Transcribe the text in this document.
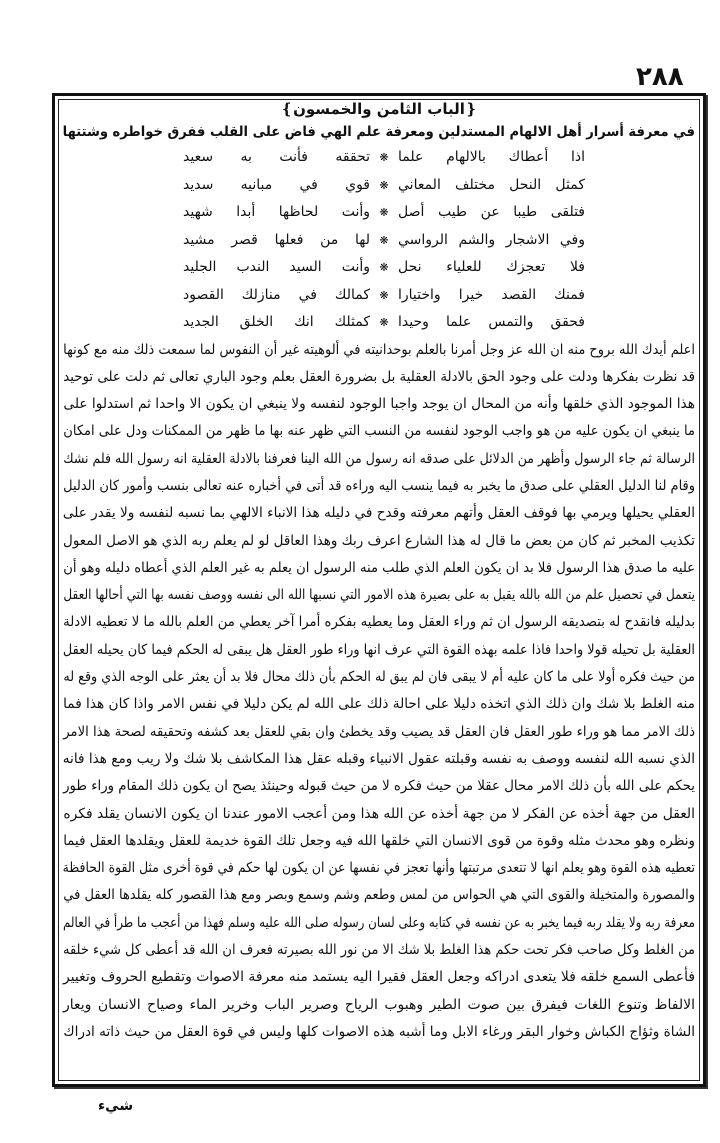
٢٨٨
❴الباب الثامن والخمسون❵
في معرفة أسرار أهل الالهام المستدلين ومعرفة علم الهي فاض على القلب ففرق خواطره وشتتها
اذا أعطاك بالالهام علما
❋
تحققه فأنت به سعيد
كمثل النحل مختلف المعاني
❋
قوي في مبانيه سديد
فتلقى طيبا عن طيب أصل
❋
وأنت لحاظها أبدا شهيد
وفي الاشجار والشم الرواسي
❋
لها من فعلها قصر مشيد
فلا تعجزك للعلياء نحل
❋
وأنت السيد الندب الجليد
فمنك القصد خيرا واختيارا
❋
كمالك في منازلك القصود
فحقق والتمس علما وحيدا
❋
كمثلك انك الخلق الجديد
اعلم أيدك الله بروح منه ان الله عز وجل أمرنا بالعلم بوحدانيته في ألوهيته غير أن النفوس لما سمعت ذلك منه مع كونها
قد نظرت بفكرها ودلت على وجود الحق بالادلة العقلية بل بضرورة العقل بعلم وجود الباري تعالى ثم دلت على توحيد
هذا الموجود الذي خلقها وأنه من المحال ان يوجد واجبا الوجود لنفسه ولا ينبغي ان يكون الا واحدا ثم استدلوا على
ما ينبغي ان يكون عليه من هو واجب الوجود لنفسه من النسب التي ظهر عنه بها ما ظهر من الممكنات ودل على امكان
الرسالة ثم جاء الرسول وأظهر من الدلائل على صدقه انه رسول من الله الينا فعرفنا بالادلة العقلية انه رسول الله فلم نشك
وقام لنا الدليل العقلي على صدق ما يخبر به فيما ينسب اليه وراءه قد أتى في أخباره عنه تعالى بنسب وأمور كان الدليل
العقلي يحيلها ويرمي بها فوقف العقل وأتهم معرفته وقدح في دليله هذا الانباء الالهي بما نسبه لنفسه ولا يقدر على
تكذيب المخبر ثم كان من بعض ما قال له هذا الشارع اعرف ربك وهذا العاقل لو لم يعلم ربه الذي هو الاصل المعول
عليه ما صدق هذا الرسول فلا بد ان يكون العلم الذي طلب منه الرسول ان يعلم به غير العلم الذي أعطاه دليله وهو أن
يتعمل في تحصيل علم من الله بالله يقبل به على بصيرة هذه الامور التي نسبها الله الى نفسه ووصف نفسه بها التي أحالها العقل
بدليله فانقدح له بتصديقه الرسول ان ثم وراء العقل وما يعطيه بفكره أمرا آخر يعطي من العلم بالله ما لا تعطيه الادلة
العقلية بل تحيله قولا واحدا فاذا علمه بهذه القوة التي عرف انها وراء طور العقل هل يبقى له الحكم فيما كان يحيله العقل
من حيث فكره أولا على ما كان عليه أم لا يبقى فان لم يبق له الحكم بأن ذلك محال فلا بد أن يعثر على الوجه الذي وقع له
منه الغلط بلا شك وان ذلك الذي اتخذه دليلا على احالة ذلك على الله لم يكن دليلا في نفس الامر واذا كان هذا فما
ذلك الامر مما هو وراء طور العقل فان العقل قد يصيب وقد يخطئ وان بقي للعقل بعد كشفه وتحقيقه لصحة هذا الامر
الذي نسبه الله لنفسه ووصف به نفسه وقبلته عقول الانبياء وقبله عقل هذا المكاشف بلا شك ولا ريب ومع هذا فانه
يحكم على الله بأن ذلك الامر محال عقلا من حيث فكره لا من حيث قبوله وحينئذ يصح ان يكون ذلك المقام وراء طور
العقل من جهة أخذه عن الفكر لا من جهة أخذه عن الله هذا ومن أعجب الامور عندنا ان يكون الانسان يقلد فكره
ونظره وهو محدث مثله وقوة من قوى الانسان التي خلقها الله فيه وجعل تلك القوة خديمة للعقل ويقلدها العقل فيما
تعطيه هذه القوة وهو يعلم انها لا تتعدى مرتبتها وأنها تعجز في نفسها عن ان يكون لها حكم في قوة أخرى مثل القوة الحافظة
والمصورة والمتخيلة والقوى التي هي الحواس من لمس وطعم وشم وسمع وبصر ومع هذا القصور كله يقلدها العقل في
معرفة ربه ولا يقلد ربه فيما يخبر به عن نفسه في كتابه وعلى لسان رسوله صلى الله عليه وسلم فهذا من أعجب ما طرأ في العالم
من الغلط وكل صاحب فكر تحت حكم هذا الغلط بلا شك الا من نور الله بصيرته فعرف ان الله قد أعطى كل شيء خلقه
فأعطى السمع خلقه فلا يتعدى ادراكه وجعل العقل فقيرا اليه يستمد منه معرفة الاصوات وتقطيع الحروف وتغيير
الالفاظ وتنوع اللغات فيفرق بين صوت الطير وهبوب الرياح وصرير الباب وخرير الماء وصياح الانسان ويعار
الشاة وثؤاج الكباش وخوار البقر ورغاء الابل وما أشبه هذه الاصوات كلها وليس في قوة العقل من حيث ذاته ادراك
شيء
